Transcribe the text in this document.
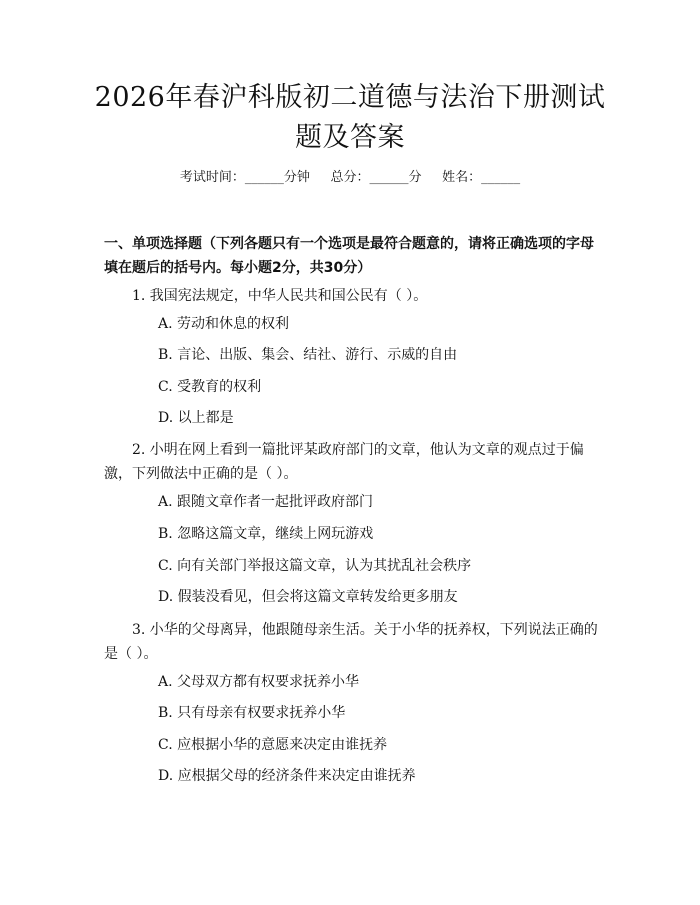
2026年春沪科版初二道德与法治下册测试题及答案
考试时间：______分钟     总分：______分     姓名：______
一、单项选择题（下列各题只有一个选项是最符合题意的，请将正确选项的字母填在题后的括号内。每小题2分，共30分）

1. 我国宪法规定，中华人民共和国公民有（ ）。

A. 劳动和休息的权利

B. 言论、出版、集会、结社、游行、示威的自由

C. 受教育的权利

D. 以上都是

2. 小明在网上看到一篇批评某政府部门的文章，他认为文章的观点过于偏激，下列做法中正确的是（ ）。

A. 跟随文章作者一起批评政府部门

B. 忽略这篇文章，继续上网玩游戏

C. 向有关部门举报这篇文章，认为其扰乱社会秩序

D. 假装没看见，但会将这篇文章转发给更多朋友

3. 小华的父母离异，他跟随母亲生活。关于小华的抚养权，下列说法正确的是（ ）。

A. 父母双方都有权要求抚养小华

B. 只有母亲有权要求抚养小华

C. 应根据小华的意愿来决定由谁抚养

D. 应根据父母的经济条件来决定由谁抚养
